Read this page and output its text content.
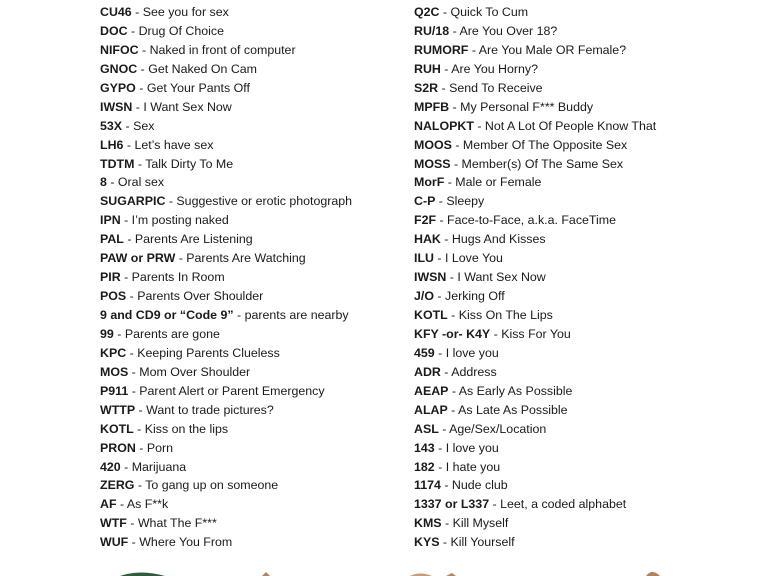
CU46 - See you for sex
DOC - Drug Of Choice
NIFOC - Naked in front of computer
GNOC - Get Naked On Cam
GYPO - Get Your Pants Off
IWSN - I Want Sex Now
53X - Sex
LH6 - Let’s have sex
TDTM - Talk Dirty To Me
8 - Oral sex
SUGARPIC - Suggestive or erotic photograph
IPN - I’m posting naked
PAL - Parents Are Listening
PAW or PRW - Parents Are Watching
PIR - Parents In Room
POS - Parents Over Shoulder
9 and CD9 or “Code 9” - parents are nearby
99 - Parents are gone
KPC - Keeping Parents Clueless
MOS - Mom Over Shoulder
P911 - Parent Alert or Parent Emergency
WTTP - Want to trade pictures?
KOTL - Kiss on the lips
PRON - Porn
420 - Marijuana
ZERG - To gang up on someone
AF - As F**k
WTF - What The F***
WUF - Where You From
Q2C - Quick To Cum
RU/18 - Are You Over 18?
RUMORF - Are You Male OR Female?
RUH - Are You Horny?
S2R - Send To Receive
MPFB - My Personal F*** Buddy
NALOPKT - Not A Lot Of People Know That
MOOS - Member Of The Opposite Sex
MOSS - Member(s) Of The Same Sex
MorF - Male or Female
C-P - Sleepy
F2F - Face-to-Face, a.k.a. FaceTime
HAK - Hugs And Kisses
ILU - I Love You
IWSN - I Want Sex Now
J/O - Jerking Off
KOTL - Kiss On The Lips
KFY -or- K4Y - Kiss For You
459 - I love you
ADR - Address
AEAP - As Early As Possible
ALAP - As Late As Possible
ASL - Age/Sex/Location
143 - I love you
182 - I hate you
1174 - Nude club
1337 or L337 - Leet, a coded alphabet
KMS - Kill Myself
KYS - Kill Yourself
